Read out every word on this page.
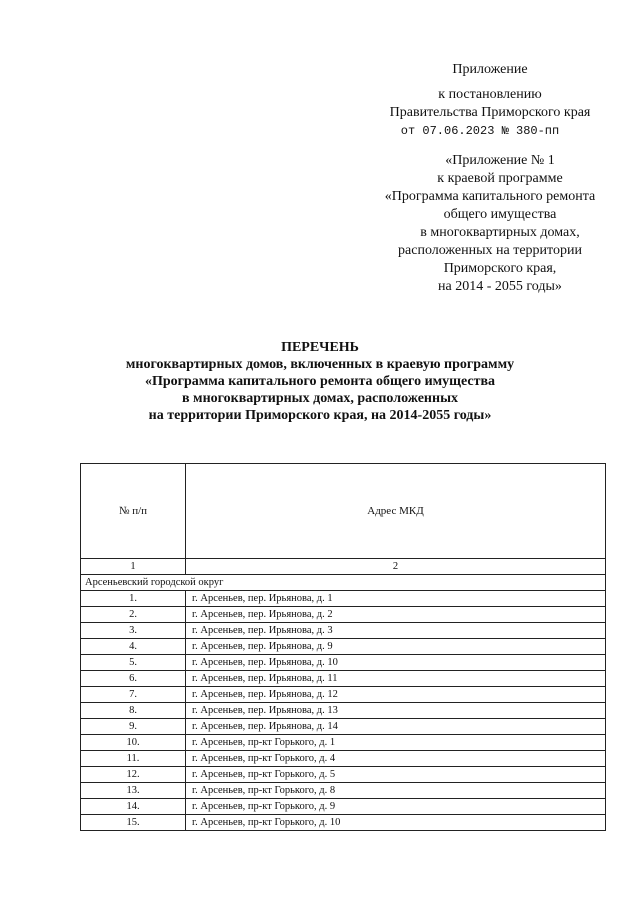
Приложение
к постановлению
Правительства Приморского края
от 07.06.2023 № 380-пп
«Приложение № 1
к краевой программе
«Программа капитального ремонта
общего имущества
в многоквартирных домах,
расположенных на территории
Приморского края,
на 2014 - 2055 годы»
ПЕРЕЧЕНЬ
многоквартирных домов, включенных в краевую программу
«Программа капитального ремонта общего имущества
в многоквартирных домах, расположенных
на территории Приморского края, на 2014-2055 годы»
№ п/п	Адрес МКД
1	2
Арсеньевский городской округ	
1.	г. Арсеньев, пер. Ирьянова, д. 1
2.	г. Арсеньев, пер. Ирьянова, д. 2
3.	г. Арсеньев, пер. Ирьянова, д. 3
4.	г. Арсеньев, пер. Ирьянова, д. 9
5.	г. Арсеньев, пер. Ирьянова, д. 10
6.	г. Арсеньев, пер. Ирьянова, д. 11
7.	г. Арсеньев, пер. Ирьянова, д. 12
8.	г. Арсеньев, пер. Ирьянова, д. 13
9.	г. Арсеньев, пер. Ирьянова, д. 14
10.	г. Арсеньев, пр-кт Горького, д. 1
11.	г. Арсеньев, пр-кт Горького, д. 4
12.	г. Арсеньев, пр-кт Горького, д. 5
13.	г. Арсеньев, пр-кт Горького, д. 8
14.	г. Арсеньев, пр-кт Горького, д. 9
15.	г. Арсеньев, пр-кт Горького, д. 10
